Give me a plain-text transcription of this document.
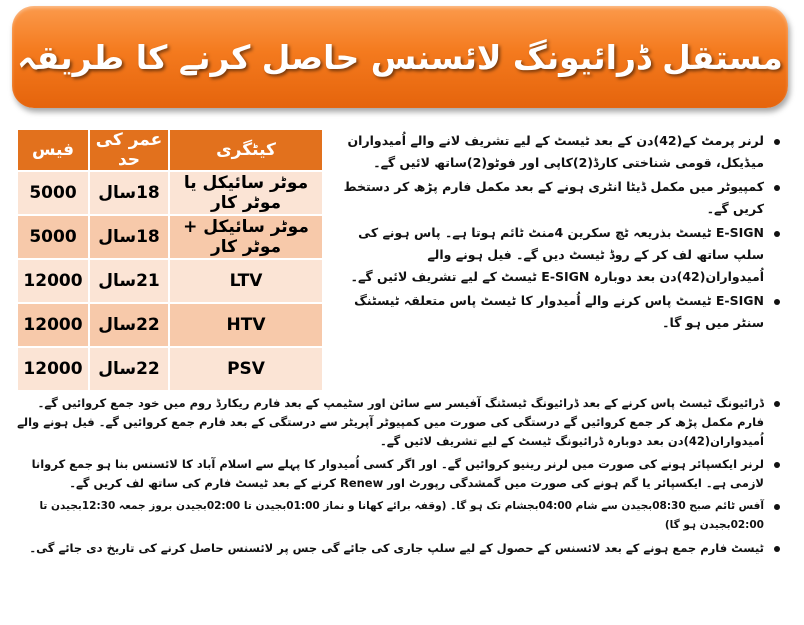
مستقل ڈرائیونگ لائسنس حاصل کرنے کا طریقہ
فیس	عمر کی حد	کیٹگری
5000	18سال	موٹر سائیکل یا موٹر کار
5000	18سال	موٹر سائیکل + موٹر کار
12000	21سال	LTV
12000	22سال	HTV
12000	22سال	PSV
لرنر پرمٹ کے(42)دن کے بعد ٹیسٹ کے لیے تشریف لانے والے اُمیدواران میڈیکل، قومی شناختی کارڈ(2)کاپی اور فوٹو(2)ساتھ لائیں گے۔
کمپیوٹر میں مکمل ڈیٹا انٹری ہونے کے بعد مکمل فارم پڑھ کر دستخط کریں گے۔
E-SIGN ٹیسٹ بذریعہ ٹچ سکرین 4منٹ ٹائم ہوتا ہے۔ پاس ہونے کی سلپ ساتھ لف کر کے روڈ ٹیسٹ دیں گے۔ فیل ہونے والے اُمیدواران(42)دن بعد دوبارہ E-SIGN ٹیسٹ کے لیے تشریف لائیں گے۔
E-SIGN ٹیسٹ پاس کرنے والے اُمیدوار کا ٹیسٹ پاس متعلقہ ٹیسٹنگ سنٹر میں ہو گا۔
ڈرائیونگ ٹیسٹ پاس کرنے کے بعد ڈرائیونگ ٹیسٹنگ آفیسر سے سائن اور سٹیمپ کے بعد فارم ریکارڈ روم میں خود جمع کروائیں گے۔ فارم مکمل پڑھ کر جمع کروائیں گے درستگی کی صورت میں کمپیوٹر آپریٹر سے درستگی کے بعد فارم جمع کروائیں گے۔ فیل ہونے والے اُمیدواران(42)دن بعد دوبارہ ڈرائیونگ ٹیسٹ کے لیے تشریف لائیں گے۔
لرنر ایکسپائر ہونے کی صورت میں لرنر رینیو کروائیں گے۔ اور اگر کسی اُمیدوار کا پہلے سے اسلام آباد کا لائسنس بنا ہو جمع کروانا لازمی ہے۔ ایکسپائر یا گم ہونے کی صورت میں گمشدگی رپورٹ اور Renew کرنے کے بعد ٹیسٹ فارم کی ساتھ لف کریں گے۔
آفس ٹائم صبح 08:30بجیدن سے شام 04:00بجشام تک ہو گا۔ (وقفہ برائے کھانا و نماز 01:00بجیدن تا 02:00بجیدن بروز جمعہ 12:30بجیدن تا 02:00بجیدن ہو گا)
ٹیسٹ فارم جمع ہونے کے بعد لائسنس کے حصول کے لیے سلپ جاری کی جائے گی جس پر لائسنس حاصل کرنے کی تاریخ دی جائے گی۔
